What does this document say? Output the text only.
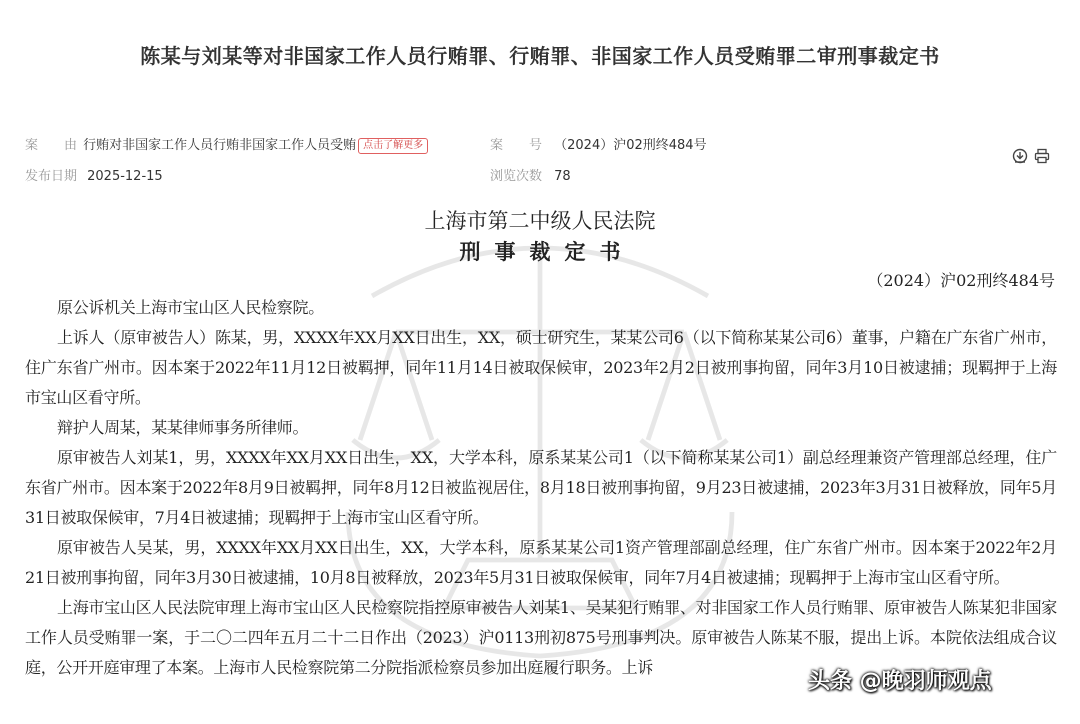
陈某与刘某等对非国家工作人员行贿罪、行贿罪、非国家工作人员受贿罪二审刑事裁定书
案　　由 行贿对非国家工作人员行贿非国家工作人员受贿 点击了解更多	案　　号 （2024）沪02刑终484号
发布日期 2025-12-15	浏览次数 78
上海市第二中级人民法院
刑事裁定书
（2024）沪02刑终484号

原公诉机关上海市宝山区人民检察院。

上诉人（原审被告人）陈某，男，XXXX年XX月XX日出生，XX，硕士研究生，某某公司6（以下简称某某公司6）董事，户籍在广东省广州市，住广东省广州市。因本案于2022年11月12日被羁押，同年11月14日被取保候审，2023年2月2日被刑事拘留，同年3月10日被逮捕；现羁押于上海市宝山区看守所。

辩护人周某，某某律师事务所律师。

原审被告人刘某1，男，XXXX年XX月XX日出生，XX，大学本科，原系某某公司1（以下简称某某公司1）副总经理兼资产管理部总经理，住广东省广州市。因本案于2022年8月9日被羁押，同年8月12日被监视居住，8月18日被刑事拘留，9月23日被逮捕，2023年3月31日被释放，同年5月31日被取保候审，7月4日被逮捕；现羁押于上海市宝山区看守所。

原审被告人吴某，男，XXXX年XX月XX日出生，XX，大学本科，原系某某公司1资产管理部副总经理，住广东省广州市。因本案于2022年2月21日被刑事拘留，同年3月30日被逮捕，10月8日被释放，2023年5月31日被取保候审，同年7月4日被逮捕；现羁押于上海市宝山区看守所。

上海市宝山区人民法院审理上海市宝山区人民检察院指控原审被告人刘某1、吴某犯行贿罪、对非国家工作人员行贿罪、原审被告人陈某犯非国家工作人员受贿罪一案，于二〇二四年五月二十二日作出（2023）沪0113刑初875号刑事判决。原审被告人陈某不服，提出上诉。本院依法组成合议庭，公开开庭审理了本案。上海市人民检察院第二分院指派检察员参加出庭履行职务。上诉

头条 @晚羽师观点
